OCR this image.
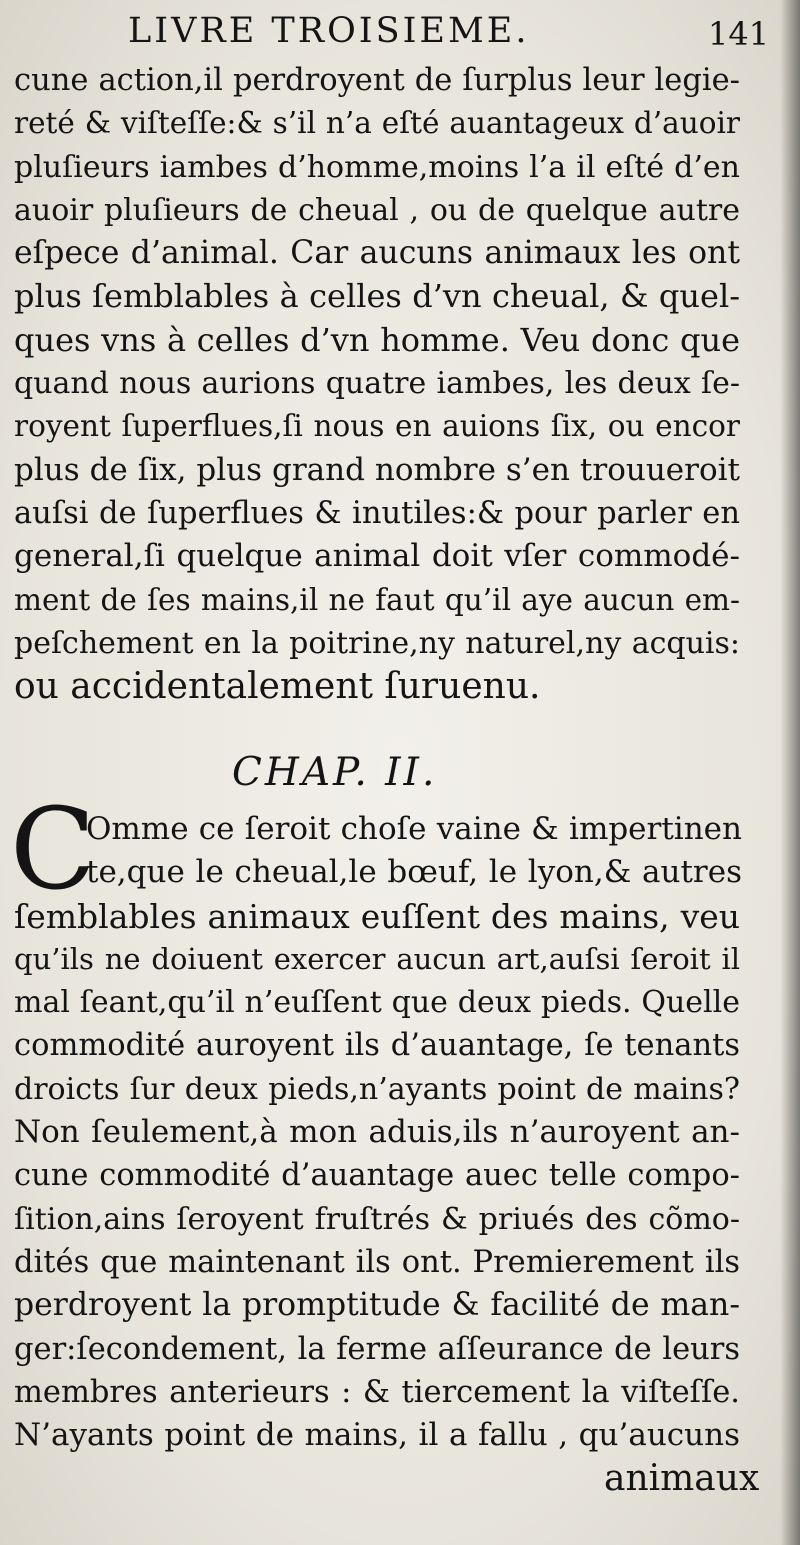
LIVRE TROISIEME.	141
cune action,il perdroyent de ſurplus leur legie-
reté & viſteſſe:& s’il n’a eſté auantageux d’auoir
pluſieurs iambes d’homme,moins l’a il eſté d’en
auoir pluſieurs de cheual , ou de quelque autre
eſpece d’animal. Car aucuns animaux les ont
plus ſemblables à celles d’vn cheual, & quel-
ques vns à celles d’vn homme. Veu donc que
quand nous aurions quatre iambes, les deux ſe-
royent ſuperflues,ſi nous en auions ſix, ou encor
plus de ſix, plus grand nombre s’en trouueroit
auſsi de ſuperflues & inutiles:& pour parler en
general,ſi quelque animal doit vſer commodé-
ment de ſes mains,il ne faut qu’il aye aucun em-
peſchement en la poitrine,ny naturel,ny acquis:
ou accidentalement ſuruenu.
CHAP. II.
C
Omme ce ſeroit choſe vaine & impertinen
te,que le cheual,le bœuf, le lyon,& autres
ſemblables animaux euſſent des mains, veu
qu’ils ne doiuent exercer aucun art,auſsi ſeroit il
mal ſeant,qu’il n’euſſent que deux pieds. Quelle
commodité auroyent ils d’auantage, ſe tenants
droicts ſur deux pieds,n’ayants point de mains?
Non ſeulement,à mon aduis,ils n’auroyent an-
cune commodité d’auantage auec telle compo-
ſition,ains ſeroyent fruſtrés & priués des cõmo-
dités que maintenant ils ont. Premierement ils
perdroyent la promptitude & facilité de man-
ger:ſecondement, la ferme aſſeurance de leurs
membres anterieurs : & tiercement la viſteſſe.
N’ayants point de mains, il a fallu , qu’aucuns
animaux
